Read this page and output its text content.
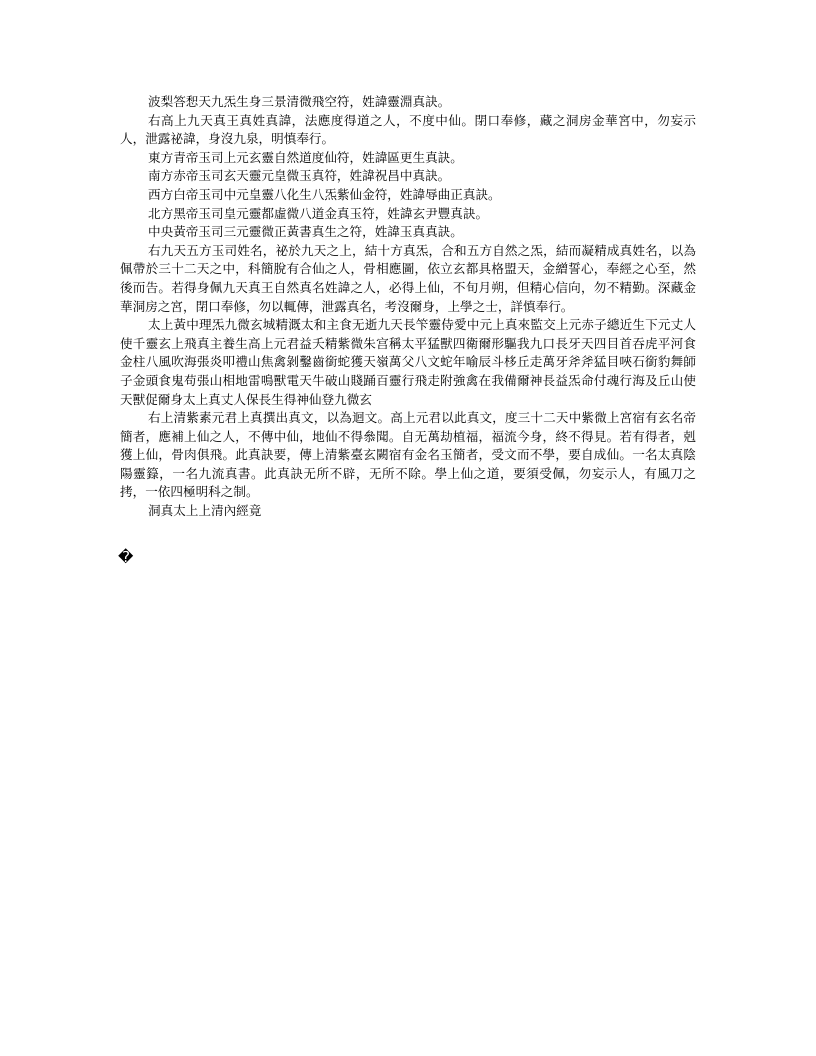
波梨答惒天九炁生身三景清微飛空符，姓諱靈淵真訣。

右高上九天真王真姓真諱，法應度得道之人，不度中仙。閉口奉修，藏之洞房金華宮中，勿妄示人，泄露祕諱，身沒九泉，明慎奉行。

東方青帝玉司上元玄靈自然道度仙符，姓諱區更生真訣。

南方赤帝玉司玄天靈元皇微玉真符，姓諱祝昌中真訣。

西方白帝玉司中元皇靈八化生八炁紫仙金符，姓諱辱曲正真訣。

北方黑帝玉司皇元靈都虛微八道金真玉符，姓諱玄尹豐真訣。

中央黃帝玉司三元靈微正黃書真生之符，姓諱玉真真訣。

右九天五方玉司姓名，祕於九天之上，結十方真炁，合和五方自然之炁，結而凝精成真姓名，以為佩帶於三十二天之中，科簡脫有合仙之人，骨相應圖，依立玄都具格盟天，金繒誓心，奉經之心至，然後而告。若得身佩九天真王自然真名姓諱之人，必得上仙，不旬月朔，但精心信向，勿不精勤。深藏金華洞房之宮，閉口奉修，勿以輒傳，泄露真名，考沒爾身，上學之士，詳慎奉行。

太上黃中理炁九微玄城精溉太和主食无逝九天長笇靈侍愛中元上真來監交上元赤子總近生下元丈人使千靈玄上飛真主養生高上元君益夭精紫微朱宫稱太平猛獸四衛爾形驅我九口長牙天四目首吞虎平河食金柱八風吹海張炎叩禮山焦禽剝鑿齒銜蛇獲天嶺萬父八文蛇年喻辰斗栘丘走萬牙斧斧猛目唊石銜豹舞師子金頭食鬼苟張山相地雷鳴獸電天牛破山賤踊百靈行飛走附強禽在我備爾神長益炁命付魂行海及丘山使天獸促爾身太上真丈人保長生得神仙登九微玄

右上清紫素元君上真撰出真文，以為迴文。高上元君以此真文，度三十二天中紫微上宮宿有玄名帝簡者，應補上仙之人，不傳中仙，地仙不得叅聞。自无萬劫植福，福流今身，終不得見。若有得者，剋獲上仙，骨肉俱飛。此真訣要，傳上清紫臺玄闕宿有金名玉簡者，受文而不學，要自成仙。一名太真陰陽靈籙，一名九流真書。此真訣无所不辟，无所不除。學上仙之道，要須受佩，勿妄示人，有風刀之拷，一依四極明科之制。

洞真太上上清內經竟

�
